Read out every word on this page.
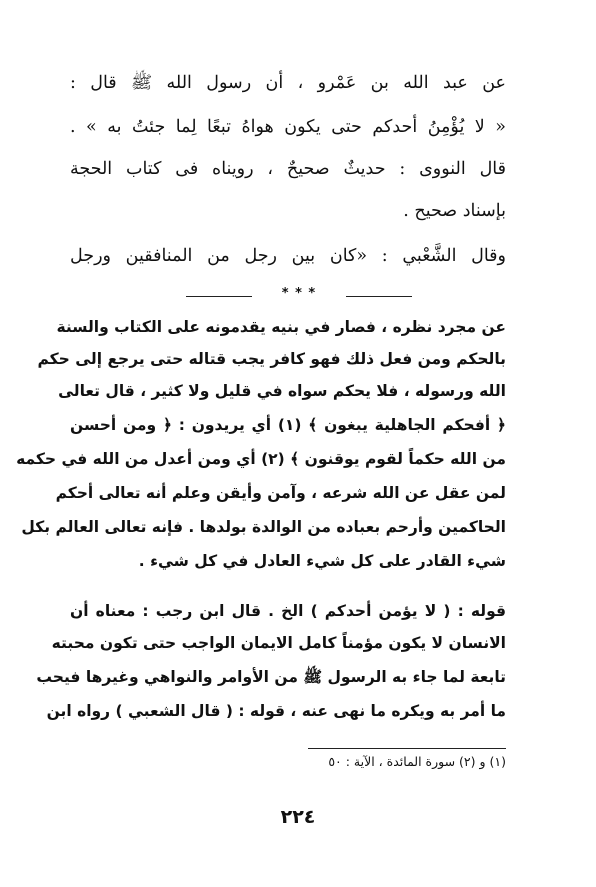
عن عبد الله بن عَمْرو ، أن رسول الله ﷺ قال :
« لا يُؤْمِنُ أحدكم حتى يكون هواهُ تبعًا لِما جئتُ به » .
قال النووى : حديثٌ صحيحٌ ، رويناه فى كتاب الحجة
بإسناد صحيح .
وقال الشَّعْبي : «كان بين رجل من المنافقين ورجل
* * *
عن مجرد نظره ، فصار في بنيه يقدمونه على الكتاب والسنة
بالحكم ومن فعل ذلك فهو كافر يجب قتاله حتى يرجع إلى حكم
الله ورسوله ، فلا يحكم سواه في قليل ولا كثير ، قال تعالى
﴿ أفحكم الجاهلية يبغون ﴾ (١) أي يريدون : ﴿ ومن أحسن
من الله حكماً لقوم يوقنون ﴾ (٢) أي ومن أعدل من الله في حكمه
لمن عقل عن الله شرعه ، وآمن وأيقن وعلم أنه تعالى أحكم
الحاكمين وأرحم بعباده من الوالدة بولدها . فإنه تعالى العالم بكل
شيء القادر على كل شيء العادل في كل شيء .
قوله : ( لا يؤمن أحدكم ) الخ . قال ابن رجب : معناه أن
الانسان لا يكون مؤمناً كامل الايمان الواجب حتى تكون محبته
تابعة لما جاء به الرسول ﷺ من الأوامر والنواهي وغيرها فيحب
ما أمر به ويكره ما نهى عنه ، قوله : ( قال الشعبي ) رواه ابن
(١) و (٢) سورة المائدة ، الآية : ٥٠
٢٢٤
